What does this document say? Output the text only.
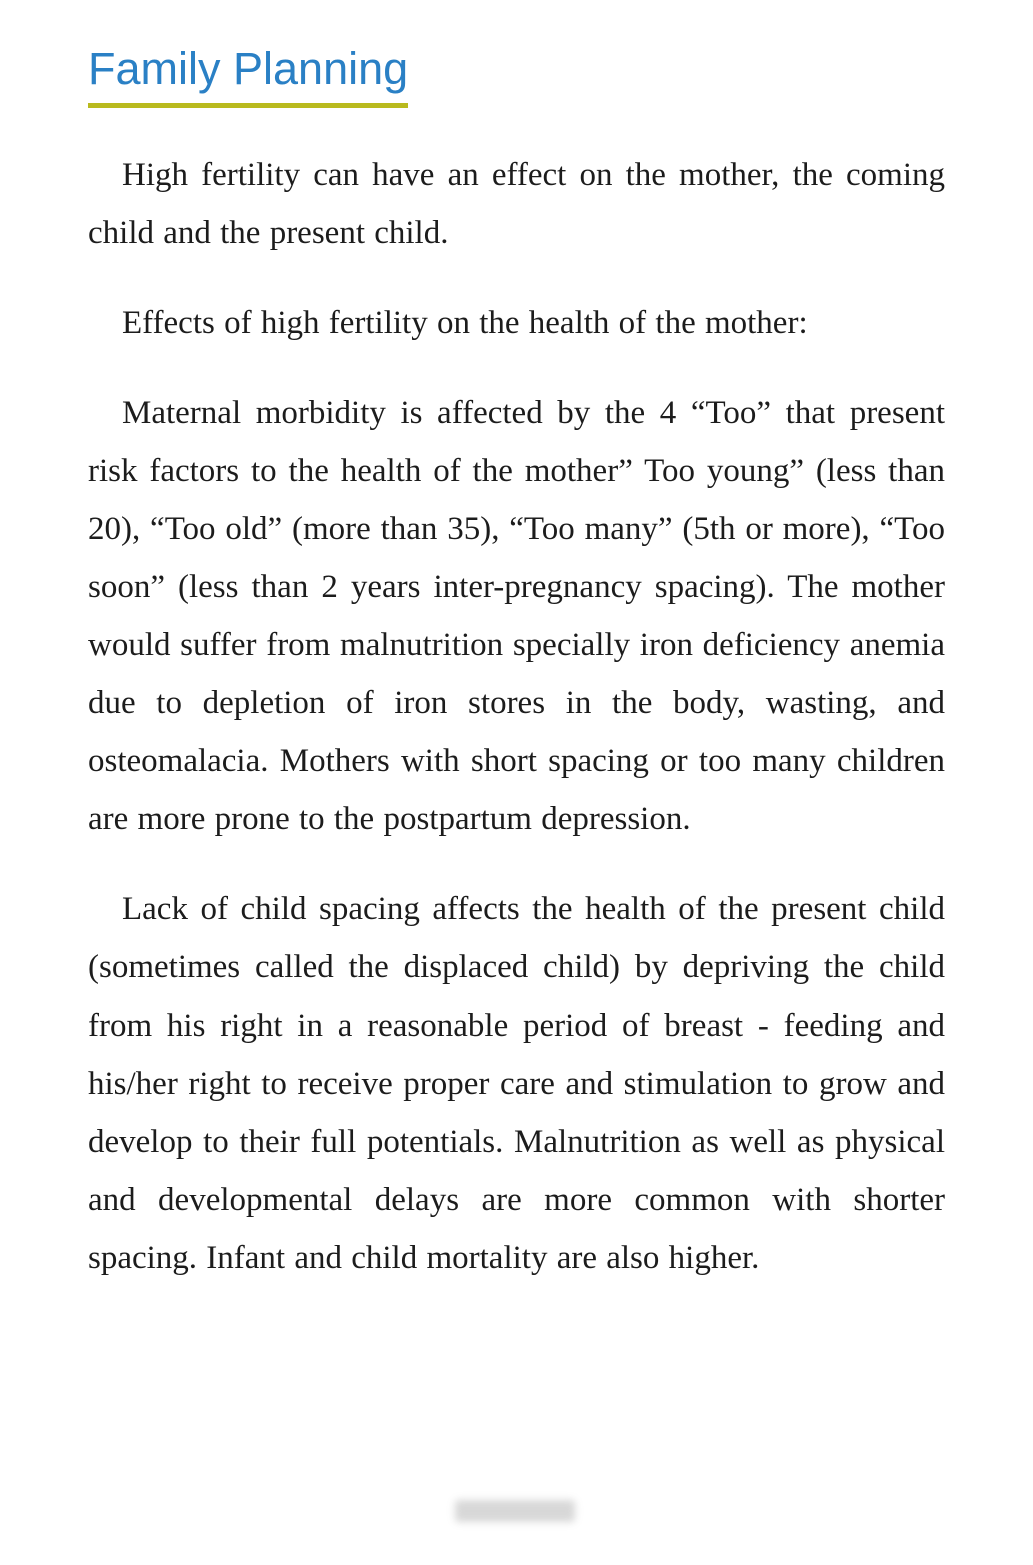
Family Planning

High fertility can have an effect on the mother, the coming child and the present child.

Effects of high fertility on the health of the mother:

Maternal morbidity is affected by the 4 “Too” that present risk factors to the health of the mother” Too young” (less than 20), “Too old” (more than 35), “Too many” (5th or more), “Too soon” (less than 2 years inter-pregnancy spacing). The mother would suffer from malnutrition specially iron deficiency anemia due to depletion of iron stores in the body, wasting, and osteomalacia. Mothers with short spacing or too many children are more prone to the postpartum depression.

Lack of child spacing affects the health of the present child (sometimes called the displaced child) by depriving the child from his right in a reasonable period of breast - feeding and his/her right to receive proper care and stimulation to grow and develop to their full potentials. Malnutrition as well as physical and developmental delays are more common with shorter spacing. Infant and child mortality are also higher.
